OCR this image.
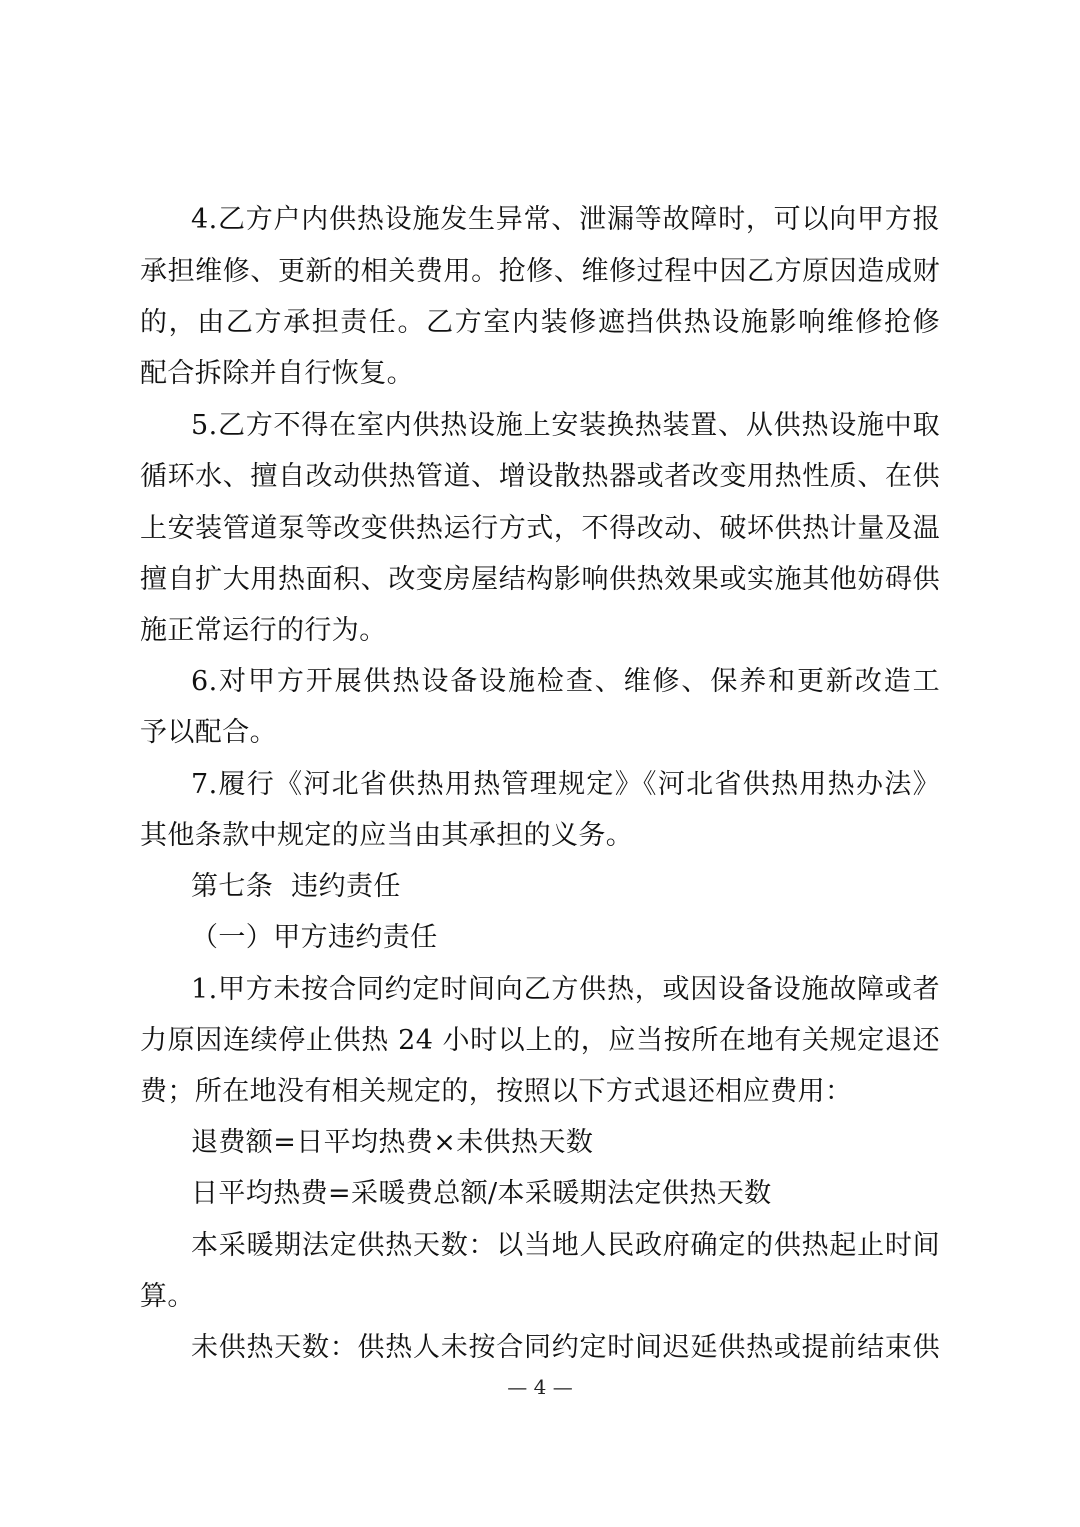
4.乙方户内供热设施发生异常、泄漏等故障时，可以向甲方报
承担维修、更新的相关费用。抢修、维修过程中因乙方原因造成财
的，由乙方承担责任。乙方室内装修遮挡供热设施影响维修抢修
配合拆除并自行恢复。
5.乙方不得在室内供热设施上安装换热装置、从供热设施中取
循环水、擅自改动供热管道、增设散热器或者改变用热性质、在供
上安装管道泵等改变供热运行方式，不得改动、破坏供热计量及温
擅自扩大用热面积、改变房屋结构影响供热效果或实施其他妨碍供
施正常运行的行为。
6.对甲方开展供热设备设施检查、维修、保养和更新改造工
予以配合。
7.履行《河北省供热用热管理规定》《河北省供热用热办法》
其他条款中规定的应当由其承担的义务。
第七条  违约责任
（一）甲方违约责任
1.甲方未按合同约定时间向乙方供热，或因设备设施故障或者
力原因连续停止供热 24 小时以上的，应当按所在地有关规定退还
费；所在地没有相关规定的，按照以下方式退还相应费用：
退费额=日平均热费×未供热天数
日平均热费=采暖费总额/本采暖期法定供热天数
本采暖期法定供热天数：以当地人民政府确定的供热起止时间
算。
未供热天数：供热人未按合同约定时间迟延供热或提前结束供
— 4 —
